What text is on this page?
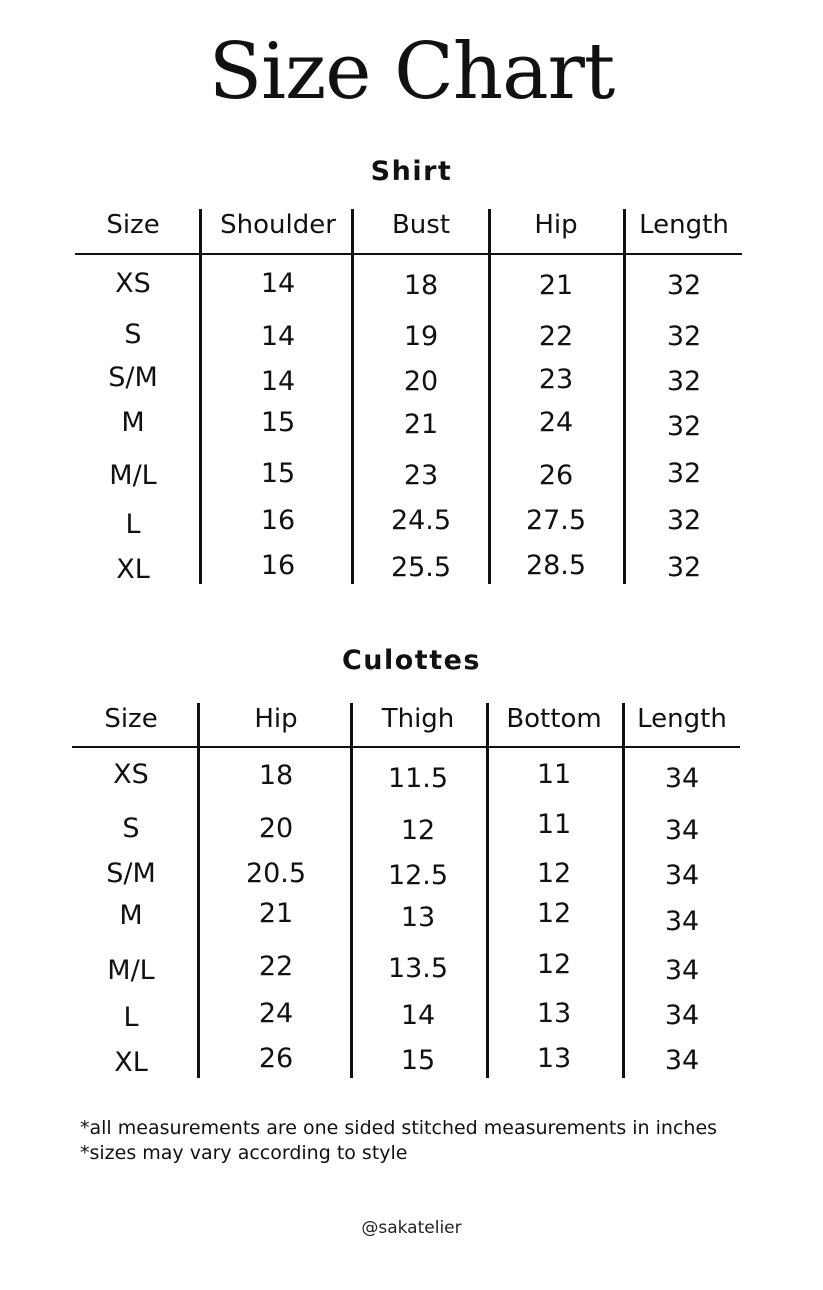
Size Chart
Shirt
Size	Shoulder	Bust	Hip	Length
XS	14	18	21	32
S	14	19	22	32
S/M	14	20	23	32
M	15	21	24	32
M/L	15	23	26	32
L	16	24.5	27.5	32
XL	16	25.5	28.5	32
Culottes
Size	Hip	Thigh	Bottom	Length
XS	18	11.5	11	34
S	20	12	11	34
S/M	20.5	12.5	12	34
M	21	13	12	34
M/L	22	13.5	12	34
L	24	14	13	34
XL	26	15	13	34
*all measurements are one sided stitched measurements in inches
*sizes may vary according to style
@sakatelier
